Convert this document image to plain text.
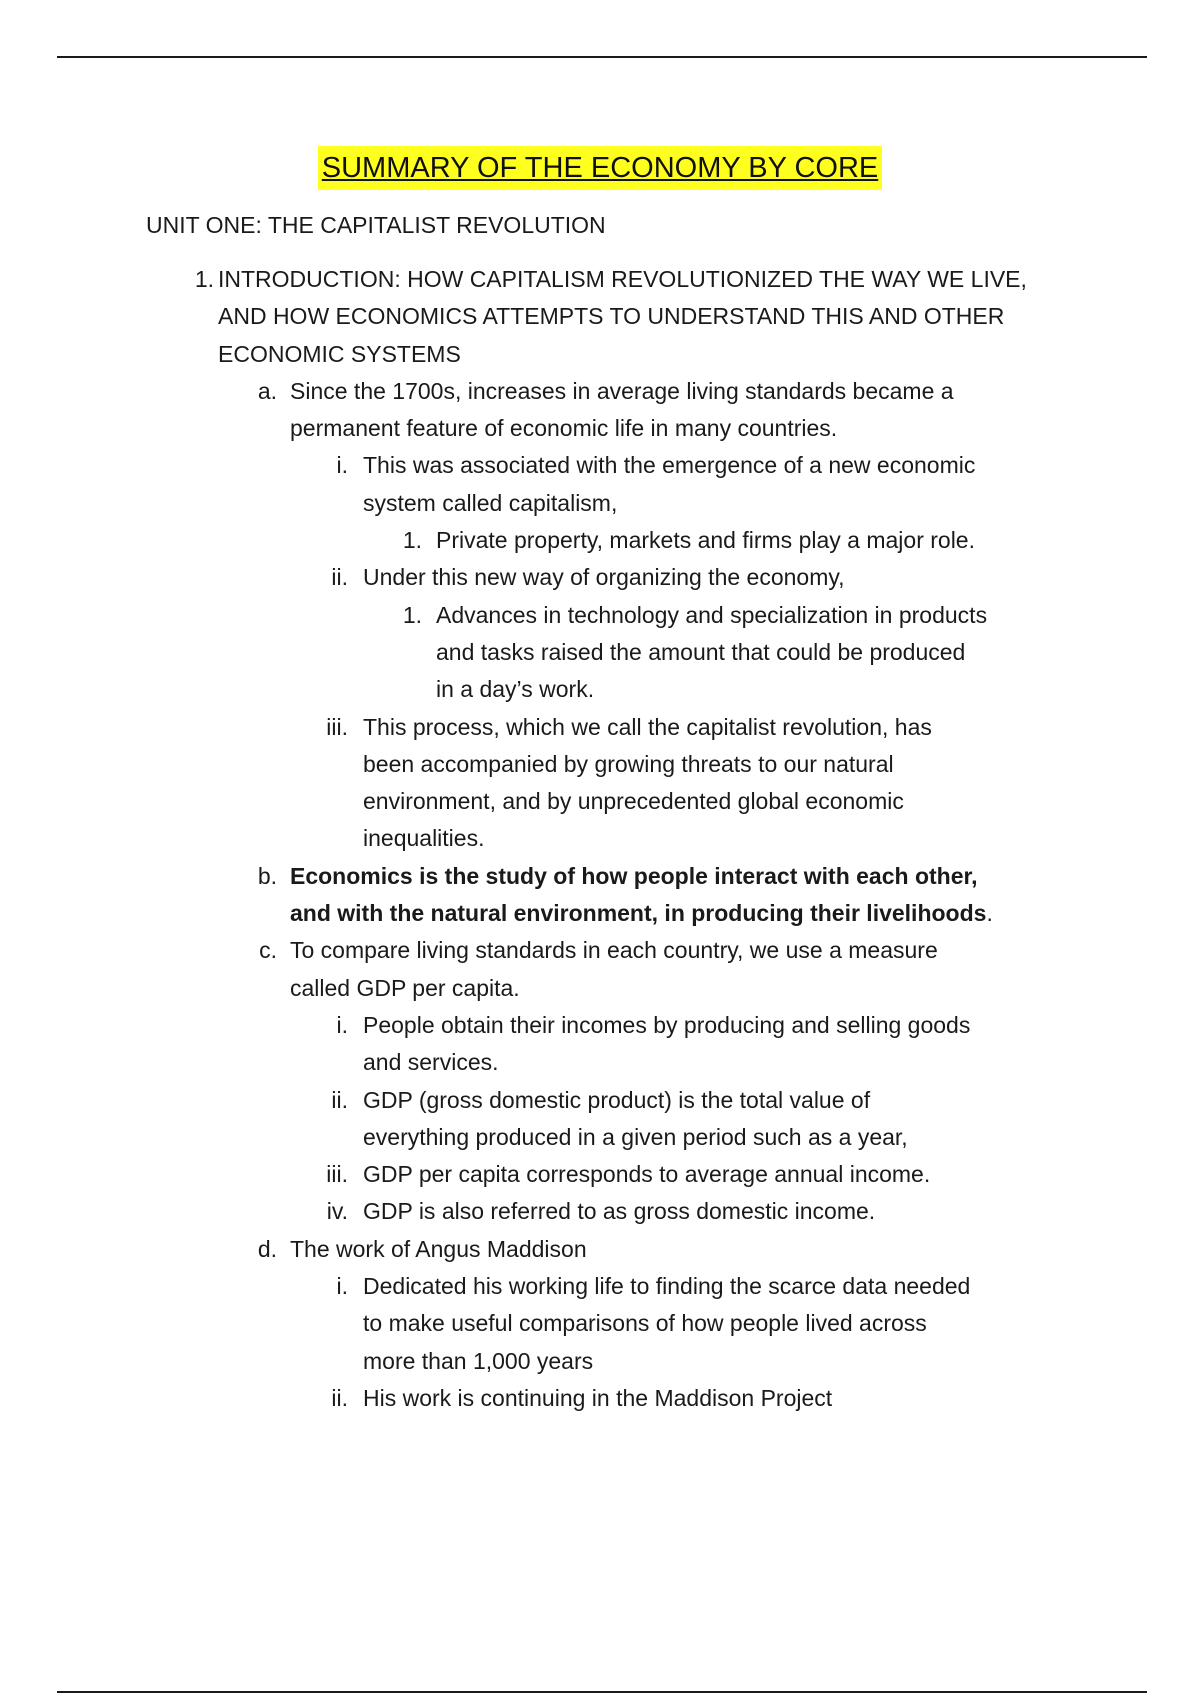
SUMMARY OF THE ECONOMY BY CORE
UNIT ONE: THE CAPITALIST REVOLUTION
1. INTRODUCTION: HOW CAPITALISM REVOLUTIONIZED THE WAY WE LIVE,
AND HOW ECONOMICS ATTEMPTS TO UNDERSTAND THIS AND OTHER
ECONOMIC SYSTEMS
a. Since the 1700s, increases in average living standards became a
permanent feature of economic life in many countries.
i. This was associated with the emergence of a new economic
system called capitalism,
1. Private property, markets and firms play a major role.
ii. Under this new way of organizing the economy,
1. Advances in technology and specialization in products
and tasks raised the amount that could be produced
in a day’s work.
iii. This process, which we call the capitalist revolution, has
been accompanied by growing threats to our natural
environment, and by unprecedented global economic
inequalities.
b. Economics is the study of how people interact with each other,
and with the natural environment, in producing their livelihoods.
c. To compare living standards in each country, we use a measure
called GDP per capita.
i. People obtain their incomes by producing and selling goods
and services.
ii. GDP (gross domestic product) is the total value of
everything produced in a given period such as a year,
iii. GDP per capita corresponds to average annual income.
iv. GDP is also referred to as gross domestic income.
d. The work of Angus Maddison
i. Dedicated his working life to finding the scarce data needed
to make useful comparisons of how people lived across
more than 1,000 years
ii. His work is continuing in the Maddison Project
